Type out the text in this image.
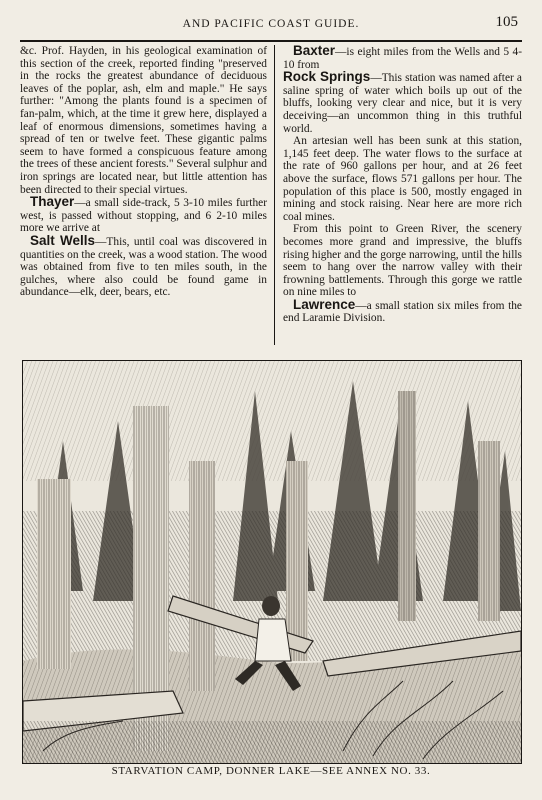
AND PACIFIC COAST GUIDE.	105

&c. Prof. Hayden, in his geological examination of this section of the creek, reported finding "preserved in the rocks the greatest abundance of deciduous leaves of the poplar, ash, elm and maple." He says further: "Among the plants found is a specimen of fan-palm, which, at the time it grew here, displayed a leaf of enormous dimensions, sometimes having a spread of ten or twelve feet. These gigantic palms seem to have formed a conspicuous feature among the trees of these ancient forests." Several sulphur and iron springs are located near, but little attention has been directed to their special virtues.

Thayer—a small side-track, 5 3-10 miles further west, is passed without stopping, and 6 2-10 miles more we arrive at

Salt Wells—This, until coal was discovered in quantities on the creek, was a wood station. The wood was obtained from five to ten miles south, in the gulches, where also could be found game in abundance—elk, deer, bears, etc.

Baxter—is eight miles from the Wells and 5 4-10 from

Rock Springs—This station was named after a saline spring of water which boils up out of the bluffs, looking very clear and nice, but it is very deceiving—an uncommon thing in this truthful world.

An artesian well has been sunk at this station, 1,145 feet deep. The water flows to the surface at the rate of 960 gallons per hour, and at 26 feet above the surface, flows 571 gallons per hour. The population of this place is 500, mostly engaged in mining and stock raising. Near here are more rich coal mines.

From this point to Green River, the scenery becomes more grand and impressive, the bluffs rising higher and the gorge narrowing, until the hills seem to hang over the narrow valley with their frowning battlements. Through this gorge we rattle on nine miles to

Lawrence—a small station six miles from the end Laramie Division.

STARVATION CAMP, DONNER LAKE—SEE ANNEX NO. 33.
